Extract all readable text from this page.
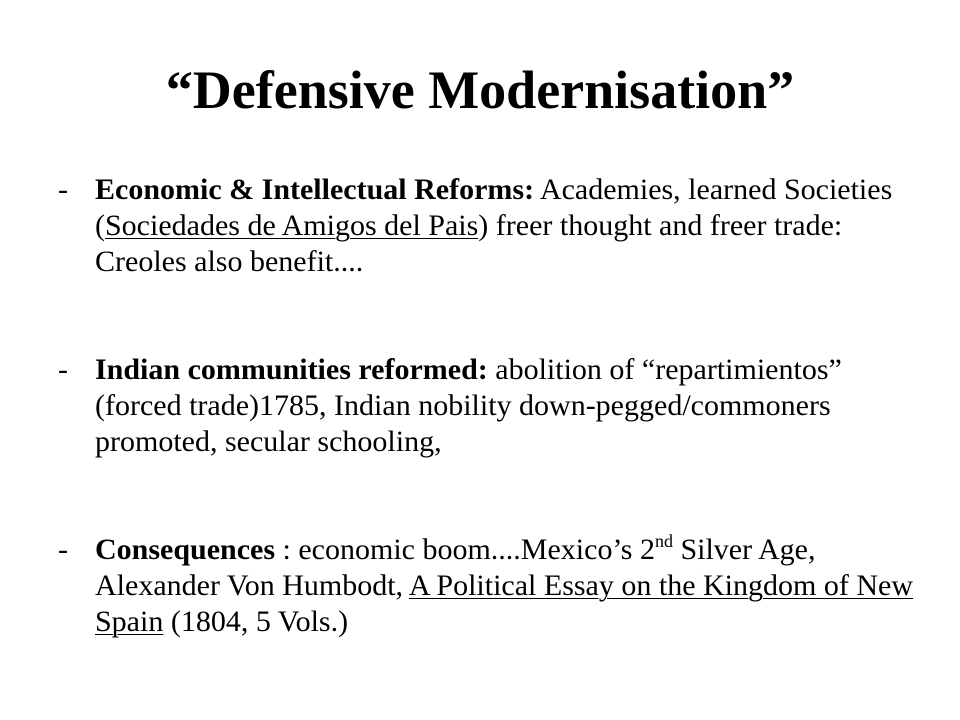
“Defensive Modernisation”
- Economic & Intellectual Reforms: Academies, learned Societies (Sociedades de Amigos del Pais) freer thought and freer trade: Creoles also benefit....
- Indian communities reformed: abolition of “repartimientos” (forced trade)1785, Indian nobility down-pegged/commoners promoted, secular schooling,
- Consequences : economic boom....Mexico’s 2nd Silver Age, Alexander Von Humbodt, A Political Essay on the Kingdom of New Spain (1804, 5 Vols.)
